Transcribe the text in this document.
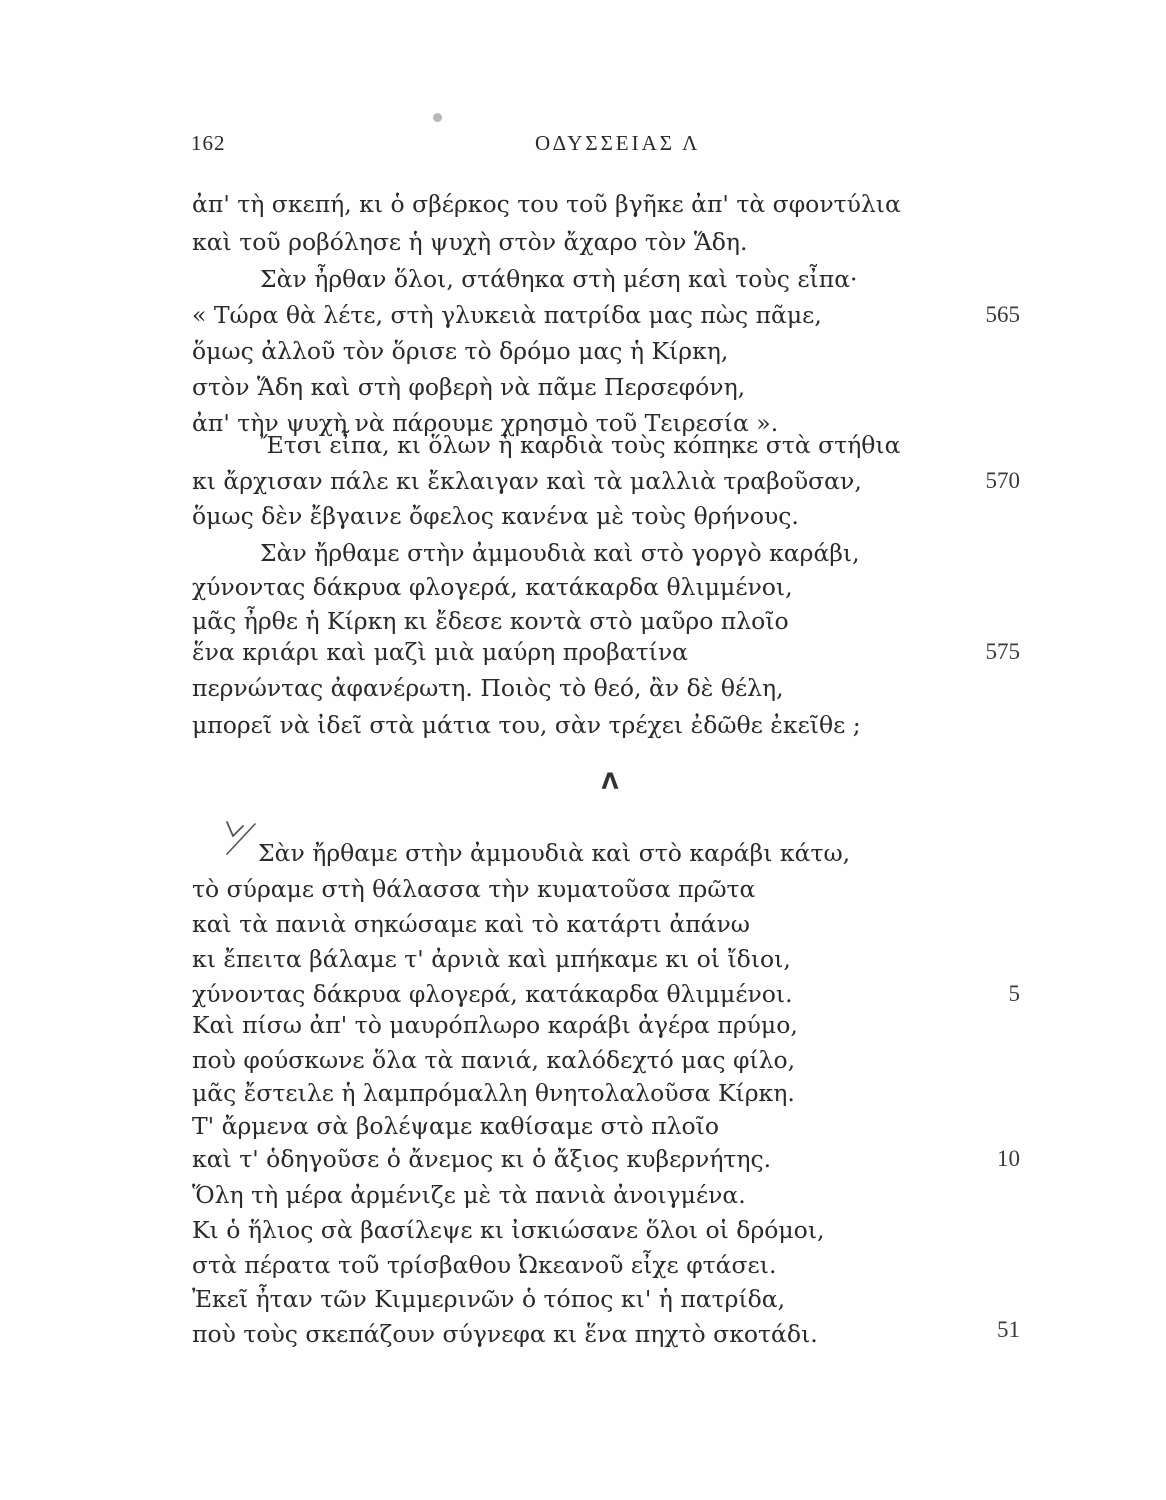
162	ΟΔΥΣΣΕΙΑΣ Λ
ἀπ' τὴ σκεπή, κι ὁ σβέρκος του τοῦ βγῆκε ἀπ' τὰ σφοντύλια
καὶ τοῦ ροβόλησε ἡ ψυχὴ στὸν ἄχαρο τὸν Ἅδη.
Σὰν ἦρθαν ὅλοι, στάθηκα στὴ μέση καὶ τοὺς εἶπα·
« Τώρα θὰ λέτε, στὴ γλυκειὰ πατρίδα μας πὼς πᾶμε,	565
ὅμως ἀλλοῦ τὸν ὅρισε τὸ δρόμο μας ἡ Κίρκη,
στὸν Ἅδη καὶ στὴ φοβερὴ νὰ πᾶμε Περσεφόνη,
ἀπ' τὴν ψυχὴ νὰ πάρουμε χρησμὸ τοῦ Τειρεσία ».
Ἔτσι εἶπα, κι ὅλων ἡ καρδιὰ τοὺς κόπηκε στὰ στήθια
κι ἄρχισαν πάλε κι ἔκλαιγαν καὶ τὰ μαλλιὰ τραβοῦσαν,	570
ὅμως δὲν ἔβγαινε ὄφελος κανένα μὲ τοὺς θρήνους.
Σὰν ἤρθαμε στὴν ἀμμουδιὰ καὶ στὸ γοργὸ καράβι,
χύνοντας δάκρυα φλογερά, κατάκαρδα θλιμμένοι,
μᾶς ἦρθε ἡ Κίρκη κι ἔδεσε κοντὰ στὸ μαῦρο πλοῖο
ἕνα κριάρι καὶ μαζὶ μιὰ μαύρη προβατίνα	575
περνώντας ἀφανέρωτη. Ποιὸς τὸ θεό, ἂν δὲ θέλη,
μπορεῖ νὰ ἰδεῖ στὰ μάτια του, σὰν τρέχει ἐδῶθε ἐκεῖθε ;
Λ
Σὰν ἤρθαμε στὴν ἀμμουδιὰ καὶ στὸ καράβι κάτω,
τὸ σύραμε στὴ θάλασσα τὴν κυματοῦσα πρῶτα
καὶ τὰ πανιὰ σηκώσαμε καὶ τὸ κατάρτι ἀπάνω
κι ἔπειτα βάλαμε τ' ἀρνιὰ καὶ μπήκαμε κι οἱ ἴδιοι,
χύνοντας δάκρυα φλογερά, κατάκαρδα θλιμμένοι.	5
Καὶ πίσω ἀπ' τὸ μαυρόπλωρο καράβι ἀγέρα πρύμο,
ποὺ φούσκωνε ὅλα τὰ πανιά, καλόδεχτό μας φίλο,
μᾶς ἔστειλε ἡ λαμπρόμαλλη θνητολαλοῦσα Κίρκη.
Τ' ἄρμενα σὰ βολέψαμε καθίσαμε στὸ πλοῖο
καὶ τ' ὁδηγοῦσε ὁ ἄνεμος κι ὁ ἄξιος κυβερνήτης.	10
Ὅλη τὴ μέρα ἀρμένιζε μὲ τὰ πανιὰ ἀνοιγμένα.
Κι ὁ ἥλιος σὰ βασίλεψε κι ἰσκιώσανε ὅλοι οἱ δρόμοι,
στὰ πέρατα τοῦ τρίσβαθου Ὠκεανοῦ εἶχε φτάσει.
Ἐκεῖ ἦταν τῶν Κιμμερινῶν ὁ τόπος κι' ἡ πατρίδα,
ποὺ τοὺς σκεπάζουν σύγνεφα κι ἕνα πηχτὸ σκοτάδι.	51
